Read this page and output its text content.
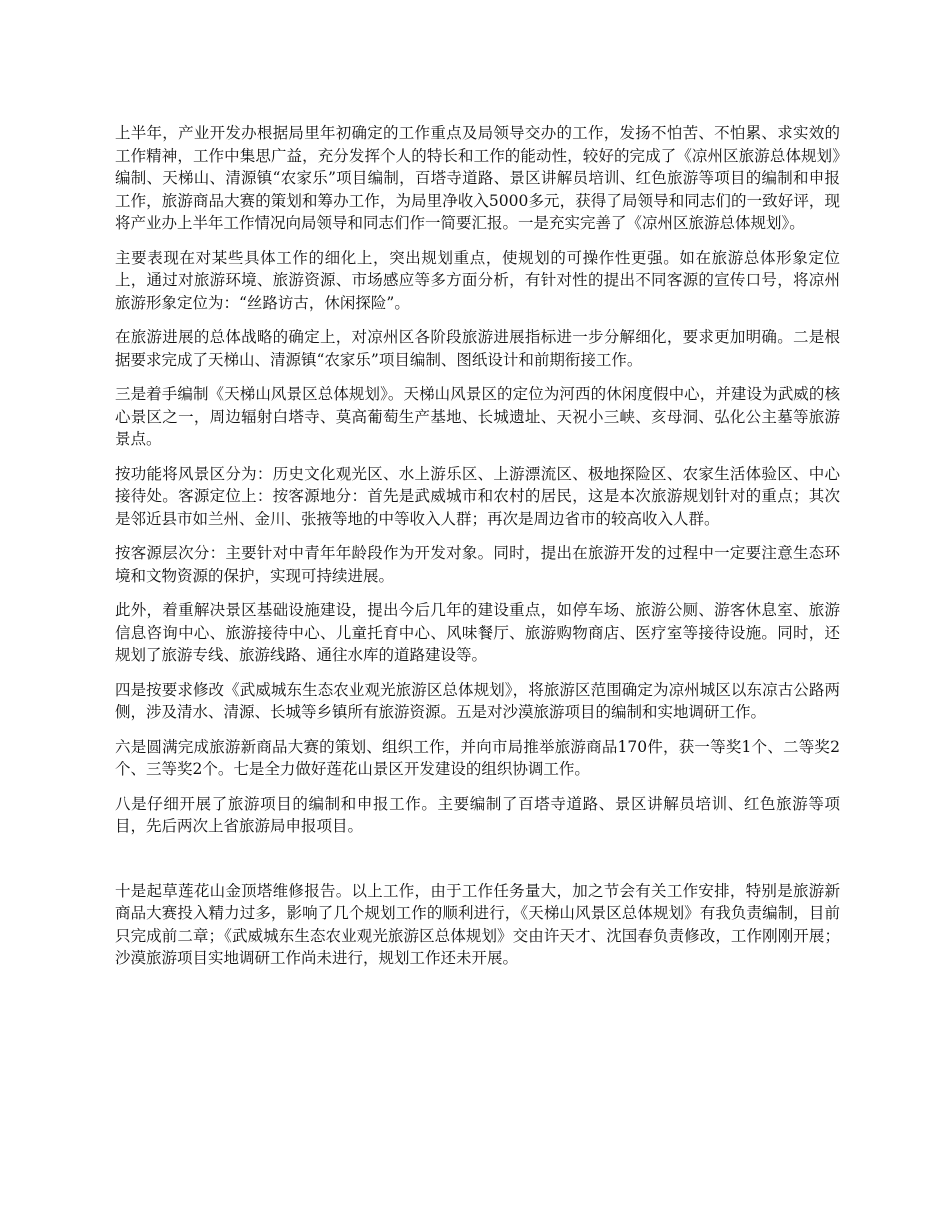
上半年，产业开发办根据局里年初确定的工作重点及局领导交办的工作，发扬不怕苦、不怕累、求实效的工作精神，工作中集思广益，充分发挥个人的特长和工作的能动性，较好的完成了《凉州区旅游总体规划》编制、天梯山、清源镇“农家乐”项目编制，百塔寺道路、景区讲解员培训、红色旅游等项目的编制和申报工作，旅游商品大赛的策划和筹办工作，为局里净收入5000多元，获得了局领导和同志们的一致好评，现将产业办上半年工作情况向局领导和同志们作一简要汇报。一是充实完善了《凉州区旅游总体规划》。

主要表现在对某些具体工作的细化上，突出规划重点，使规划的可操作性更强。如在旅游总体形象定位上，通过对旅游环境、旅游资源、市场感应等多方面分析，有针对性的提出不同客源的宣传口号，将凉州旅游形象定位为：“丝路访古，休闲探险”。

在旅游进展的总体战略的确定上，对凉州区各阶段旅游进展指标进一步分解细化，要求更加明确。二是根据要求完成了天梯山、清源镇“农家乐”项目编制、图纸设计和前期衔接工作。

三是着手编制《天梯山风景区总体规划》。天梯山风景区的定位为河西的休闲度假中心，并建设为武威的核心景区之一，周边辐射白塔寺、莫高葡萄生产基地、长城遗址、天祝小三峡、亥母洞、弘化公主墓等旅游景点。

按功能将风景区分为：历史文化观光区、水上游乐区、上游漂流区、极地探险区、农家生活体验区、中心接待处。客源定位上：按客源地分：首先是武威城市和农村的居民，这是本次旅游规划针对的重点；其次是邻近县市如兰州、金川、张掖等地的中等收入人群；再次是周边省市的较高收入人群。

按客源层次分：主要针对中青年年龄段作为开发对象。同时，提出在旅游开发的过程中一定要注意生态环境和文物资源的保护，实现可持续进展。

此外，着重解决景区基础设施建设，提出今后几年的建设重点，如停车场、旅游公厕、游客休息室、旅游信息咨询中心、旅游接待中心、儿童托育中心、风味餐厅、旅游购物商店、医疗室等接待设施。同时，还规划了旅游专线、旅游线路、通往水库的道路建设等。

四是按要求修改《武威城东生态农业观光旅游区总体规划》，将旅游区范围确定为凉州城区以东凉古公路两侧，涉及清水、清源、长城等乡镇所有旅游资源。五是对沙漠旅游项目的编制和实地调研工作。

六是圆满完成旅游新商品大赛的策划、组织工作，并向市局推举旅游商品170件，获一等奖1个、二等奖2个、三等奖2个。七是全力做好莲花山景区开发建设的组织协调工作。

八是仔细开展了旅游项目的编制和申报工作。主要编制了百塔寺道路、景区讲解员培训、红色旅游等项目，先后两次上省旅游局申报项目。

十是起草莲花山金顶塔维修报告。以上工作，由于工作任务量大，加之节会有关工作安排，特别是旅游新商品大赛投入精力过多，影响了几个规划工作的顺利进行，《天梯山风景区总体规划》有我负责编制，目前只完成前二章；《武威城东生态农业观光旅游区总体规划》交由许天才、沈国春负责修改，工作刚刚开展；沙漠旅游项目实地调研工作尚未进行，规划工作还未开展。
